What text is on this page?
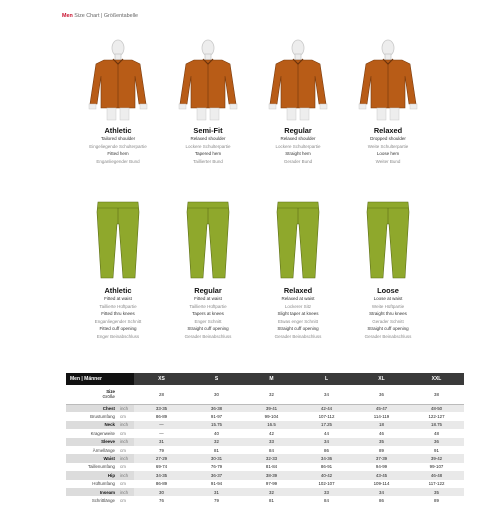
Men Size Chart | Größentabelle
Athletic
Tailored shoulder
Eingeliegende Schulterpartie
Fitted hem
Enganliegender Bund
Semi-Fit
Relaxed shoulder
Lockere Schulterpartie
Tapered hem
Taillierter Bund
Regular
Relaxed shoulder
Lockere Schulterpartie
Straight hem
Gerader Bund
Relaxed
Dropped shoulder
Weite Schulterpartie
Loose hem
Weiter Bund
Athletic
Fitted at waist
Taillierte Hüftpartie
Fitted thru knees
Enganliegender Schnitt
Fitted cuff opening
Enger Beinabschluss
Regular
Fitted at waist
Taillierte Hüftpartie
Tapers at knees
Enger Schnitt
Straight cuff opening
Gerader Beinabschluss
Relaxed
Relaxed at waist
Lockerer Sitz
Slight taper at knees
Etwas enger Schnitt
Straight cuff opening
Gerader Beinabschluss
Loose
Loose at waist
Weite Hüftpartie
Straight thru knees
Gerader Schnitt
Straight cuff opening
Gerader Beinabschluss
Men | Männer		XS	S	M	L	XL	XXL

Size
Größe		28	30	32	34	36	38

Chest	inch	33-35	36-38	39-41	42-44	45-47	48-50

Brustumfang	cm	86-89	91-97	99-104	107-112	114-119	122-127

Neck	inch	—	15.75	16.5	17.25	18	18.75

Kragenweite	cm	—	40	42	44	46	48

Sleeve	inch	31	32	33	34	35	36

Ärmellänge	cm	79	81	84	86	89	91

Waist	inch	27-29	30-31	32-33	34-36	37-39	39-42

Taillenumfang	cm	69-74	76-79	81-84	86-91	94-99	99-107

Hip	inch	34-35	36-37	38-39	40-42	43-45	46-48

Hüftumfang	cm	86-89	91-94	97-99	102-107	109-114	117-122

Inseam	inch	30	31	32	33	34	35

Schrittlänge	cm	76	79	81	84	86	89
